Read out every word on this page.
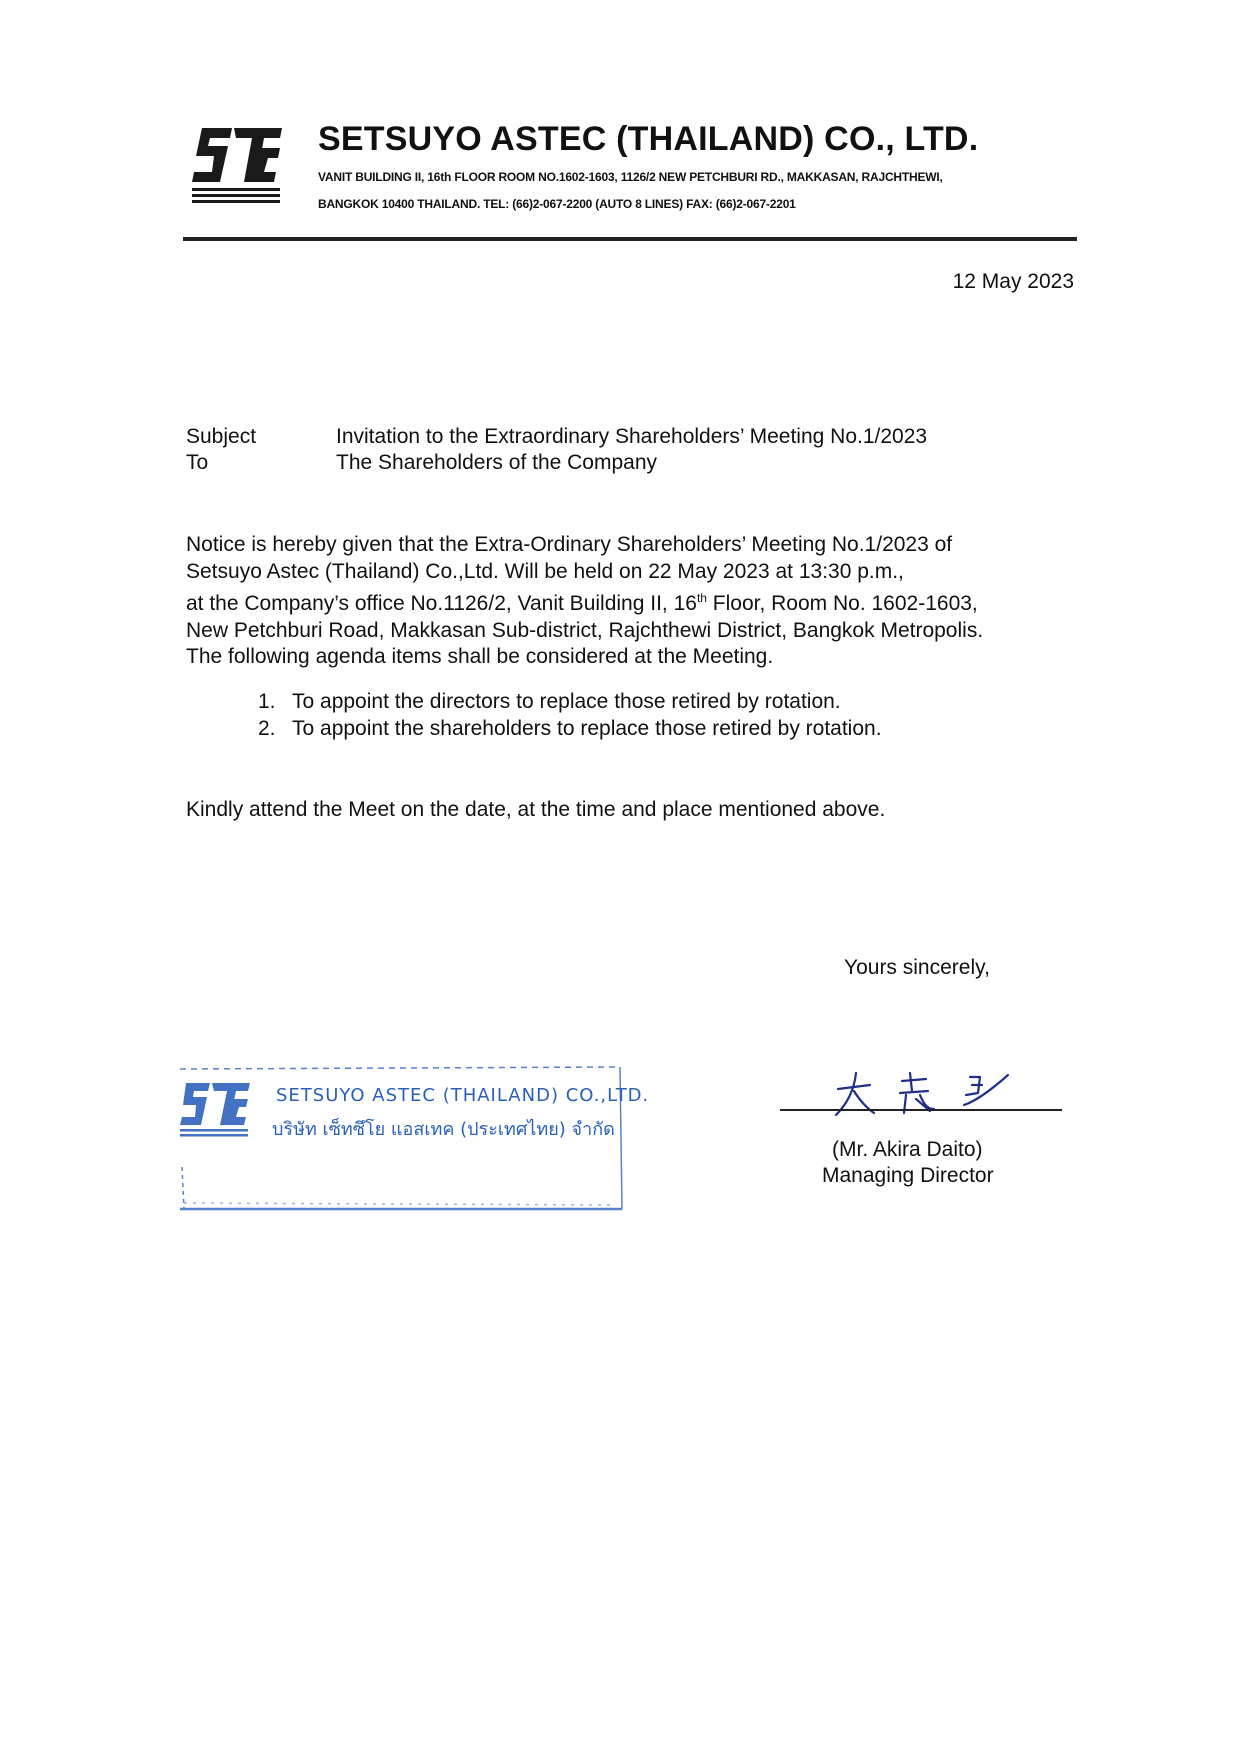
SETSUYO ASTEC (THAILAND) CO., LTD.
VANIT BUILDING II, 16th FLOOR ROOM NO.1602-1603, 1126/2 NEW PETCHBURI RD., MAKKASAN, RAJCHTHEWI,
BANGKOK 10400 THAILAND. TEL: (66)2-067-2200 (AUTO 8 LINES) FAX: (66)2-067-2201
12 May 2023
Subject	Invitation to the Extraordinary Shareholders’ Meeting No.1/2023
To	The Shareholders of the Company
Notice is hereby given that the Extra-Ordinary Shareholders’ Meeting No.1/2023 of
Setsuyo Astec (Thailand) Co.,Ltd. Will be held on 22 May 2023 at 13:30 p.m.,
at the Company’s office No.1126/2, Vanit Building II, 16th Floor, Room No. 1602-1603,
New Petchburi Road, Makkasan Sub-district, Rajchthewi District, Bangkok Metropolis.
The following agenda items shall be considered at the Meeting.
1. To appoint the directors to replace those retired by rotation.
2. To appoint the shareholders to replace those retired by rotation.
Kindly attend the Meet on the date, at the time and place mentioned above.
Yours sincerely,
SETSUYO ASTEC (THAILAND) CO.,LTD.
บริษัท เซ็ทซึโย แอสเทค (ประเทศไทย) จำกัด
(Mr. Akira Daito)
Managing Director
